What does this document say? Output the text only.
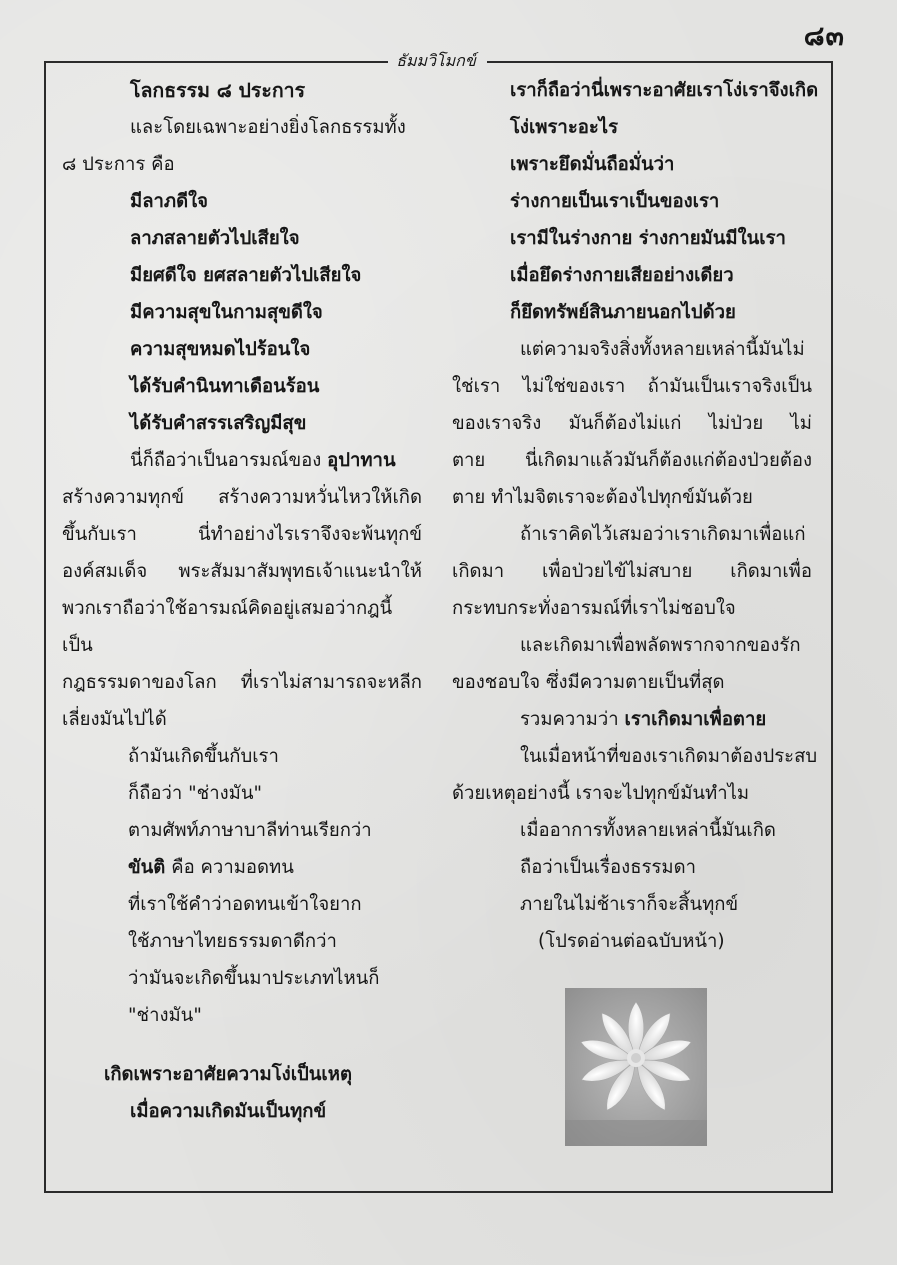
๘๓
ธัมมวิโมกข์
โลกธรรม ๘ ประการ
และโดยเฉพาะอย่างยิ่งโลกธรรมทั้ง
๘ ประการ คือ
มีลาภดีใจ
ลาภสลายตัวไปเสียใจ
มียศดีใจ ยศสลายตัวไปเสียใจ
มีความสุขในกามสุขดีใจ
ความสุขหมดไปร้อนใจ
ได้รับคำนินทาเดือนร้อน
ได้รับคำสรรเสริญมีสุข
นี่ก็ถือว่าเป็นอารมณ์ของ อุปาทาน
สร้างความทุกข์ สร้างความหวั่นไหวให้เกิด
ขึ้นกับเรา นี่ทำอย่างไรเราจึงจะพ้นทุกข์
องค์สมเด็จ พระสัมมาสัมพุทธเจ้าแนะนำให้
พวกเราถือว่าใช้อารมณ์คิดอยู่เสมอว่ากฎนี้เป็น
กฎธรรมดาของโลก ที่เราไม่สามารถจะหลีก
เลี่ยงมันไปได้
ถ้ามันเกิดขึ้นกับเรา
ก็ถือว่า "ช่างมัน"
ตามศัพท์ภาษาบาลีท่านเรียกว่า
ขันติ คือ ความอดทน
ที่เราใช้คำว่าอดทนเข้าใจยาก
ใช้ภาษาไทยธรรมดาดีกว่า
ว่ามันจะเกิดขึ้นมาประเภทไหนก็
"ช่างมัน"
เกิดเพราะอาศัยความโง่เป็นเหตุ
เมื่อความเกิดมันเป็นทุกข์
เราก็ถือว่านี่เพราะอาศัยเราโง่เราจึงเกิด
โง่เพราะอะไร
เพราะยึดมั่นถือมั่นว่า
ร่างกายเป็นเราเป็นของเรา
เรามีในร่างกาย ร่างกายมันมีในเรา
เมื่อยึดร่างกายเสียอย่างเดียว
ก็ยึดทรัพย์สินภายนอกไปด้วย
แต่ความจริงสิ่งทั้งหลายเหล่านี้มันไม่
ใช่เรา ไม่ใช่ของเรา ถ้ามันเป็นเราจริงเป็น
ของเราจริง มันก็ต้องไม่แก่ ไม่ป่วย ไม่
ตาย นี่เกิดมาแล้วมันก็ต้องแก่ต้องป่วยต้อง
ตาย ทำไมจิตเราจะต้องไปทุกข์มันด้วย
ถ้าเราคิดไว้เสมอว่าเราเกิดมาเพื่อแก่
เกิดมา เพื่อป่วยไข้ไม่สบาย เกิดมาเพื่อ
กระทบกระทั่งอารมณ์ที่เราไม่ชอบใจ
และเกิดมาเพื่อพลัดพรากจากของรัก
ของชอบใจ ซึ่งมีความตายเป็นที่สุด
รวมความว่า เราเกิดมาเพื่อตาย
ในเมื่อหน้าที่ของเราเกิดมาต้องประสบ
ด้วยเหตุอย่างนี้ เราจะไปทุกข์มันทำไม
เมื่ออาการทั้งหลายเหล่านี้มันเกิด
ถือว่าเป็นเรื่องธรรมดา
ภายในไม่ช้าเราก็จะสิ้นทุกข์
(โปรดอ่านต่อฉบับหน้า)
